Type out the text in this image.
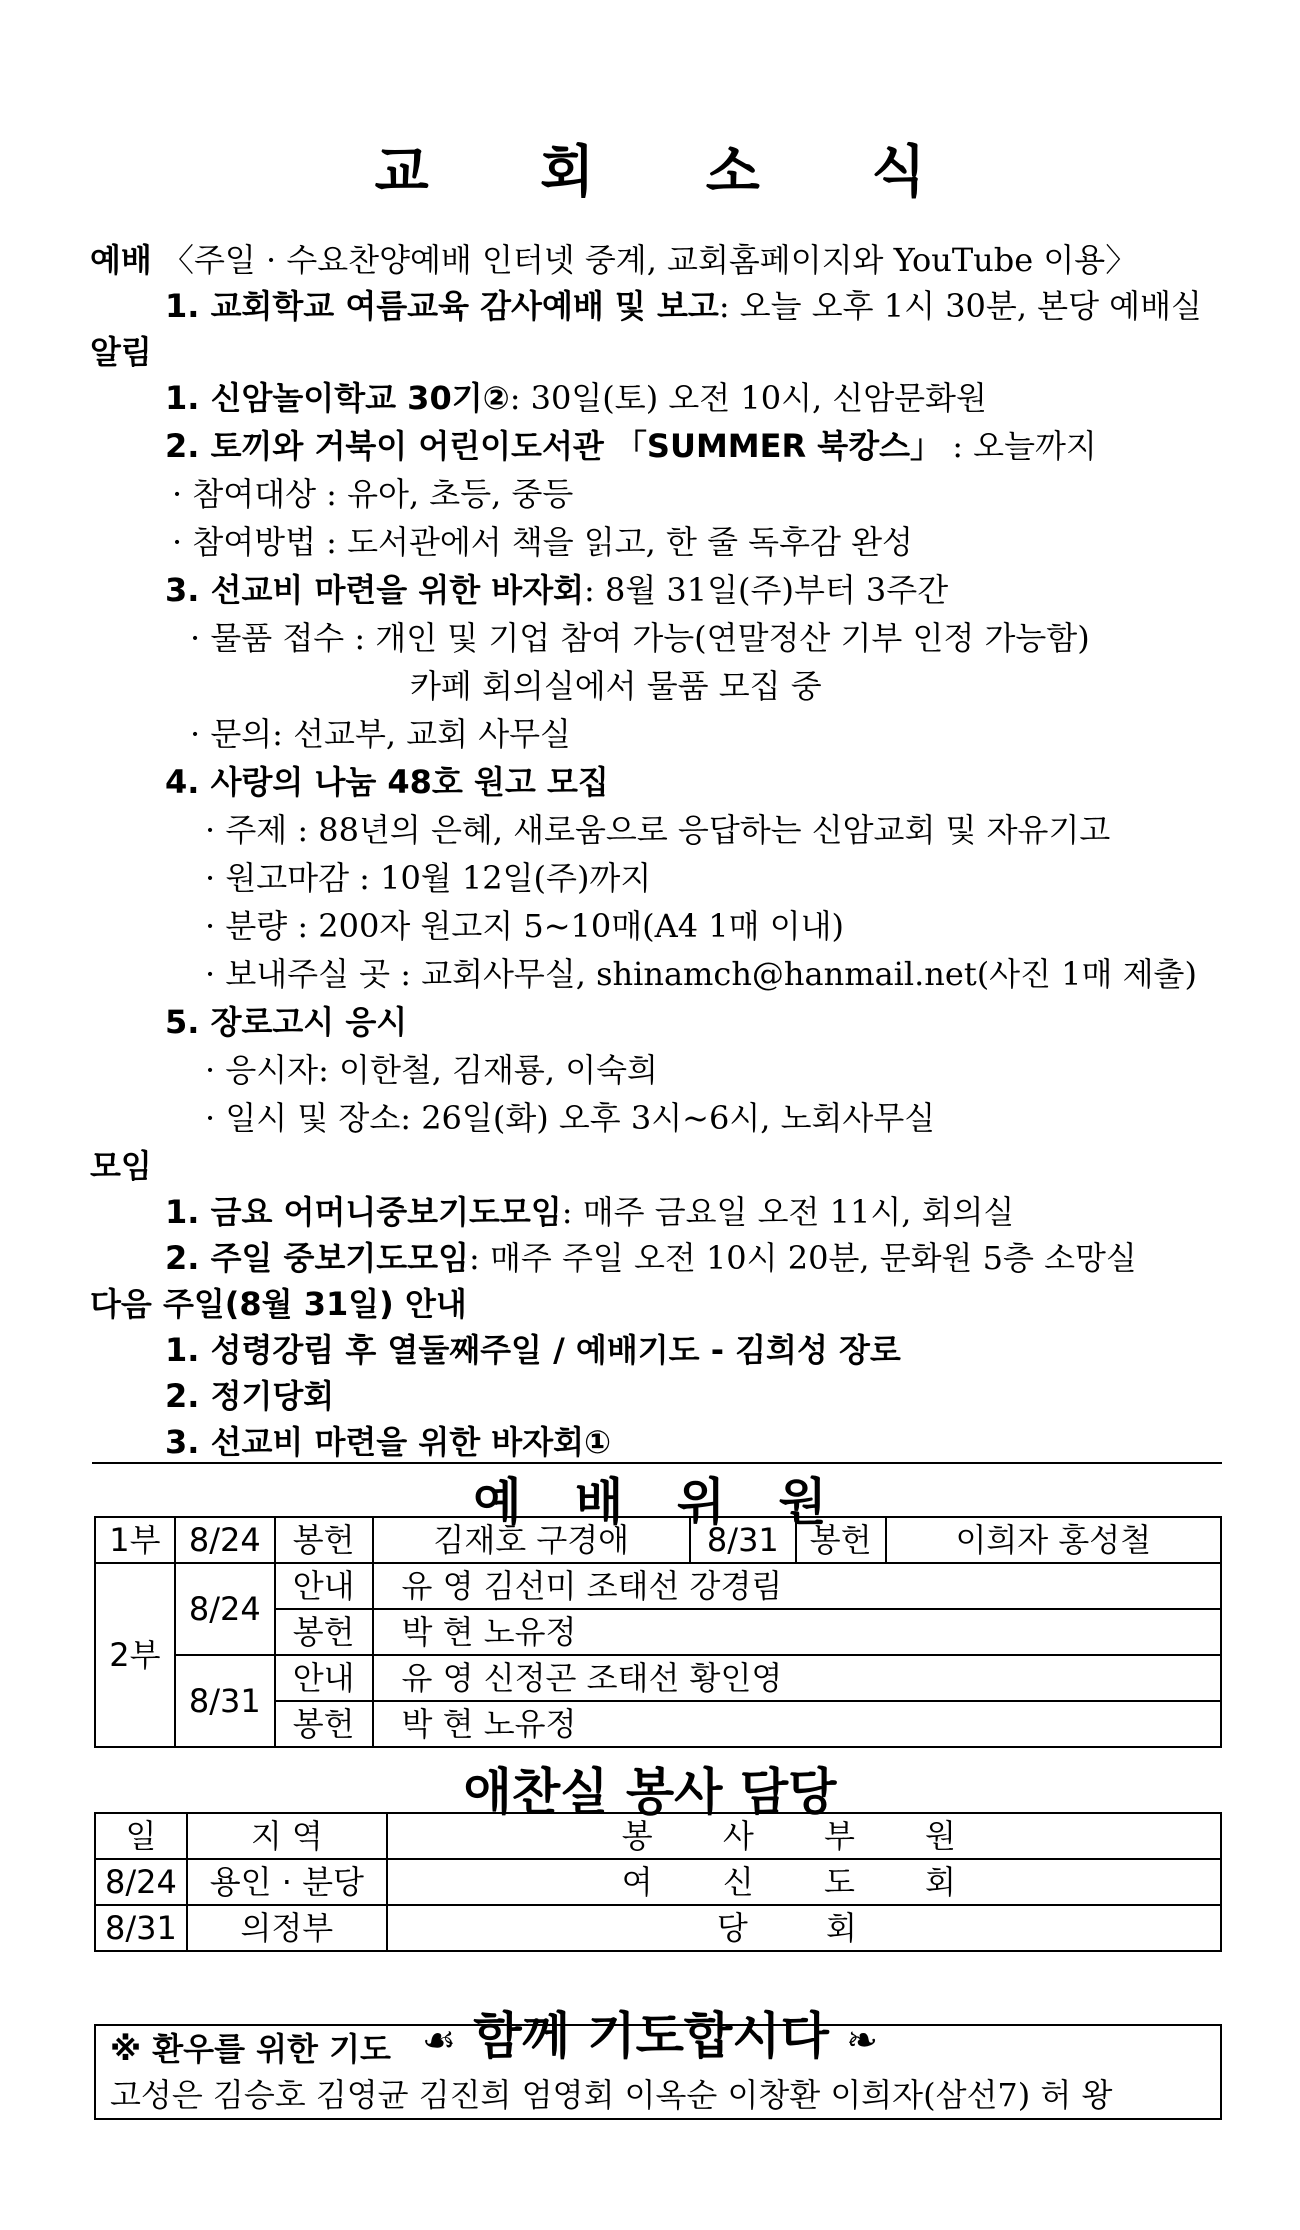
교 회 소 식
예배 〈주일 · 수요찬양예배 인터넷 중계, 교회홈페이지와 YouTube 이용〉
1. 교회학교 여름교육 감사예배 및 보고: 오늘 오후 1시 30분, 본당 예배실
알림
1. 신암놀이학교 30기②: 30일(토) 오전 10시, 신암문화원
2. 토끼와 거북이 어린이도서관 「SUMMER 북캉스」 : 오늘까지
· 참여대상 : 유아, 초등, 중등
· 참여방법 : 도서관에서 책을 읽고, 한 줄 독후감 완성
3. 선교비 마련을 위한 바자회: 8월 31일(주)부터 3주간
· 물품 접수 : 개인 및 기업 참여 가능(연말정산 기부 인정 가능함)
카페 회의실에서 물품 모집 중
· 문의: 선교부, 교회 사무실
4. 사랑의 나눔 48호 원고 모집
· 주제 : 88년의 은혜, 새로움으로 응답하는 신암교회 및 자유기고
· 원고마감 : 10월 12일(주)까지
· 분량 : 200자 원고지 5~10매(A4 1매 이내)
· 보내주실 곳 : 교회사무실, shinamch@hanmail.net(사진 1매 제출)
5. 장로고시 응시
· 응시자: 이한철, 김재룡, 이숙희
· 일시 및 장소: 26일(화) 오후 3시~6시, 노회사무실
모임
1. 금요 어머니중보기도모임: 매주 금요일 오전 11시, 회의실
2. 주일 중보기도모임: 매주 주일 오전 10시 20분, 문화원 5층 소망실
다음 주일(8월 31일) 안내
1. 성령강림 후 열둘째주일 / 예배기도 - 김희성 장로
2. 정기당회
3. 선교비 마련을 위한 바자회①
예 배 위 원
1부	8/24	봉헌	김재호 구경애	8/31	봉헌	이희자 홍성철
2부	8/24	안내	유 영 김선미 조태선 강경림			
		봉헌	박 현 노유정			
	8/31	안내	유 영 신정곤 조태선 황인영			
		봉헌	박 현 노유정			
애찬실 봉사 담당
일	지 역	봉 사 부 원
8/24	용인 · 분당	여 신 도 회
8/31	의정부	당 회
☙ 함께 기도합시다 ❧
※ 환우를 위한 기도
고성은 김승호 김영균 김진희 엄영회 이옥순 이창환 이희자(삼선7) 허 왕
